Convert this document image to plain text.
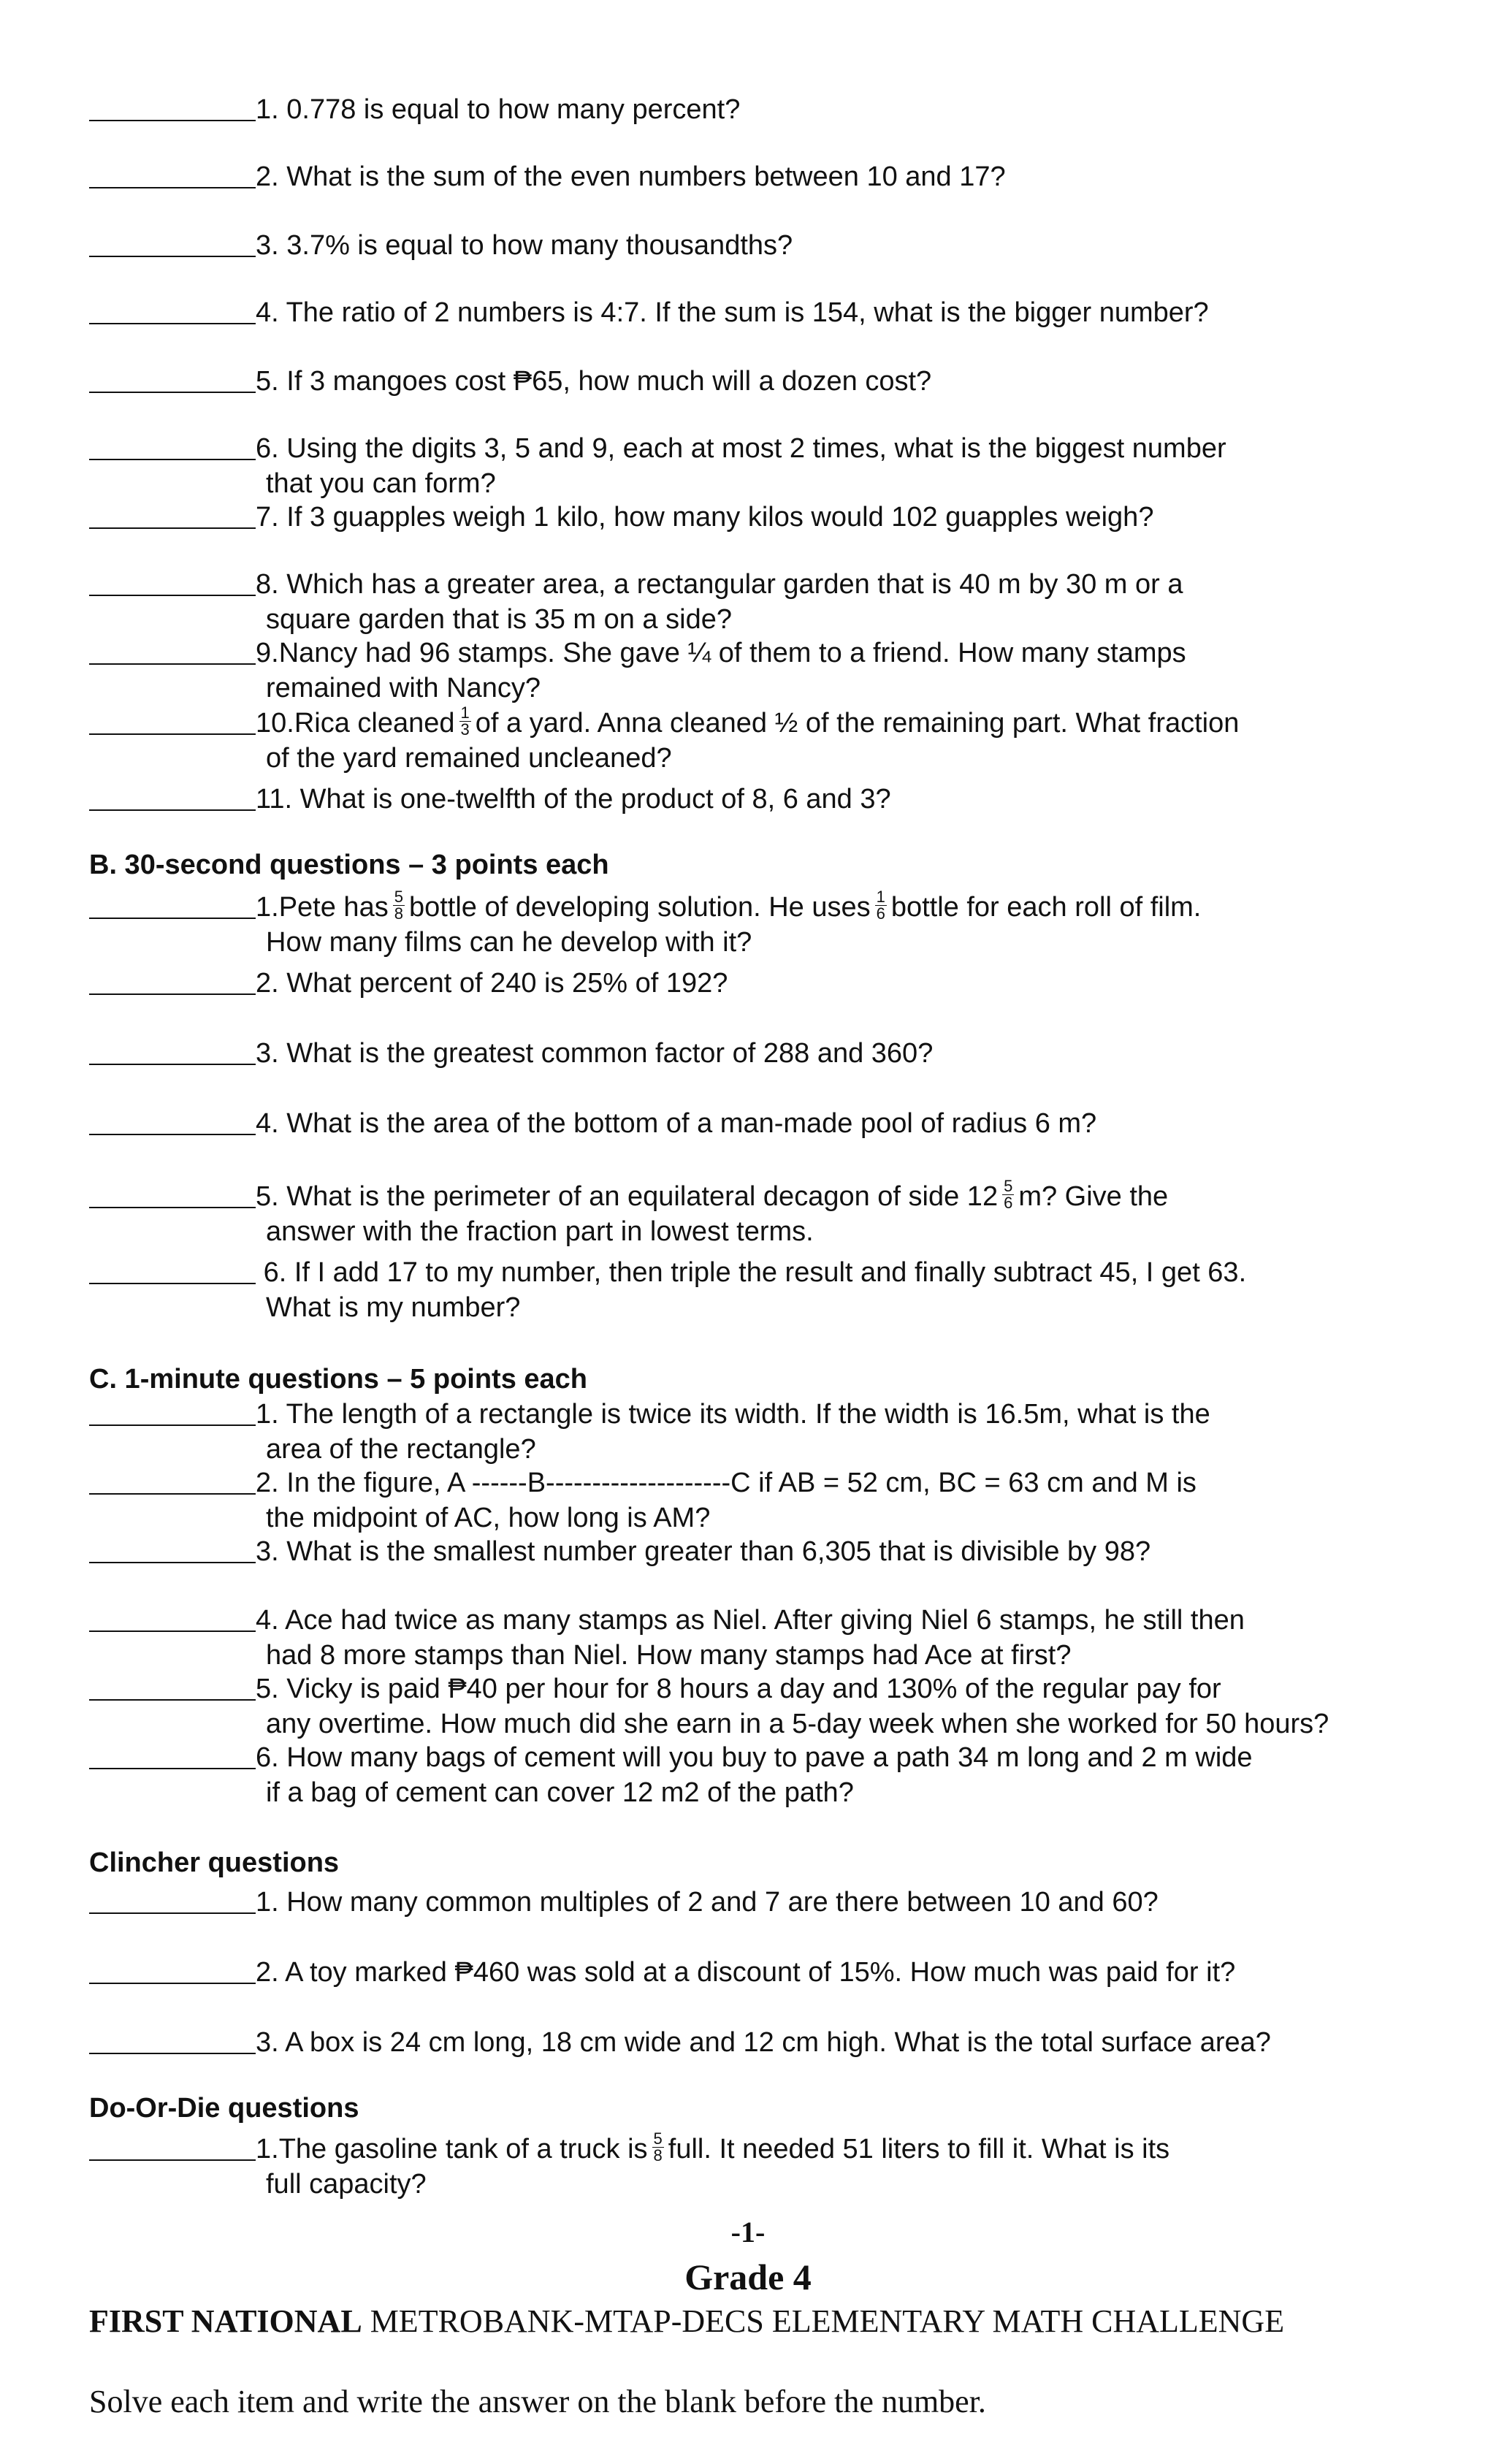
1. 0.778 is equal to how many percent?
2. What is the sum of the even numbers between 10 and 17?
3. 3.7% is equal to how many thousandths?
4. The ratio of 2 numbers is 4:7. If the sum is 154, what is the bigger number?
5. If 3 mangoes cost ₱65, how much will a dozen cost?
6. Using the digits 3, 5 and 9, each at most 2 times, what is the biggest number
that you can form?
7. If 3 guapples weigh 1 kilo, how many kilos would 102 guapples weigh?
8. Which has a greater area, a rectangular garden that is 40 m by 30 m or a
square garden that is 35 m on a side?
9.Nancy had 96 stamps. She gave ¼ of them to a friend. How many stamps
remained with Nancy?
10.Rica cleaned $\frac{1}{3}$ of a yard. Anna cleaned ½ of the remaining part. What fraction
of the yard remained uncleaned?
11. What is one-twelfth of the product of 8, 6 and 3?
B. 30-second questions – 3 points each
1.Pete has $\frac{5}{8}$ bottle of developing solution. He uses $\frac{1}{6}$ bottle for each roll of film.
How many films can he develop with it?
2. What percent of 240 is 25% of 192?
3. What is the greatest common factor of 288 and 360?
4. What is the area of the bottom of a man-made pool of radius 6 m?
5. What is the perimeter of an equilateral decagon of side $12 \frac{5}{6} m$? Give the
answer with the fraction part in lowest terms.
6. If I add 17 to my number, then triple the result and finally subtract 45, I get 63.
What is my number?
C. 1-minute questions – 5 points each
1. The length of a rectangle is twice its width. If the width is 16.5m, what is the
area of the rectangle?
2. In the figure, A ------B--------------------C if AB = 52 cm, BC = 63 cm and M is
the midpoint of AC, how long is AM?
3. What is the smallest number greater than 6,305 that is divisible by 98?
4. Ace had twice as many stamps as Niel. After giving Niel 6 stamps, he still then
had 8 more stamps than Niel. How many stamps had Ace at first?
5. Vicky is paid ₱40 per hour for 8 hours a day and 130% of the regular pay for
any overtime. How much did she earn in a 5-day week when she worked for 50 hours?
6. How many bags of cement will you buy to pave a path 34 m long and 2 m wide
if a bag of cement can cover 12 m2 of the path?
Clincher questions
1. How many common multiples of 2 and 7 are there between 10 and 60?
2. A toy marked ₱460 was sold at a discount of 15%. How much was paid for it?
3. A box is 24 cm long, 18 cm wide and 12 cm high. What is the total surface area?
Do-Or-Die questions
1.The gasoline tank of a truck is $\frac{5}{8}$ full. It needed 51 liters to fill it. What is its
full capacity?
-1-
Grade 4
FIRST NATIONAL METROBANK-MTAP-DECS ELEMENTARY MATH CHALLENGE
Solve each item and write the answer on the blank before the number.
